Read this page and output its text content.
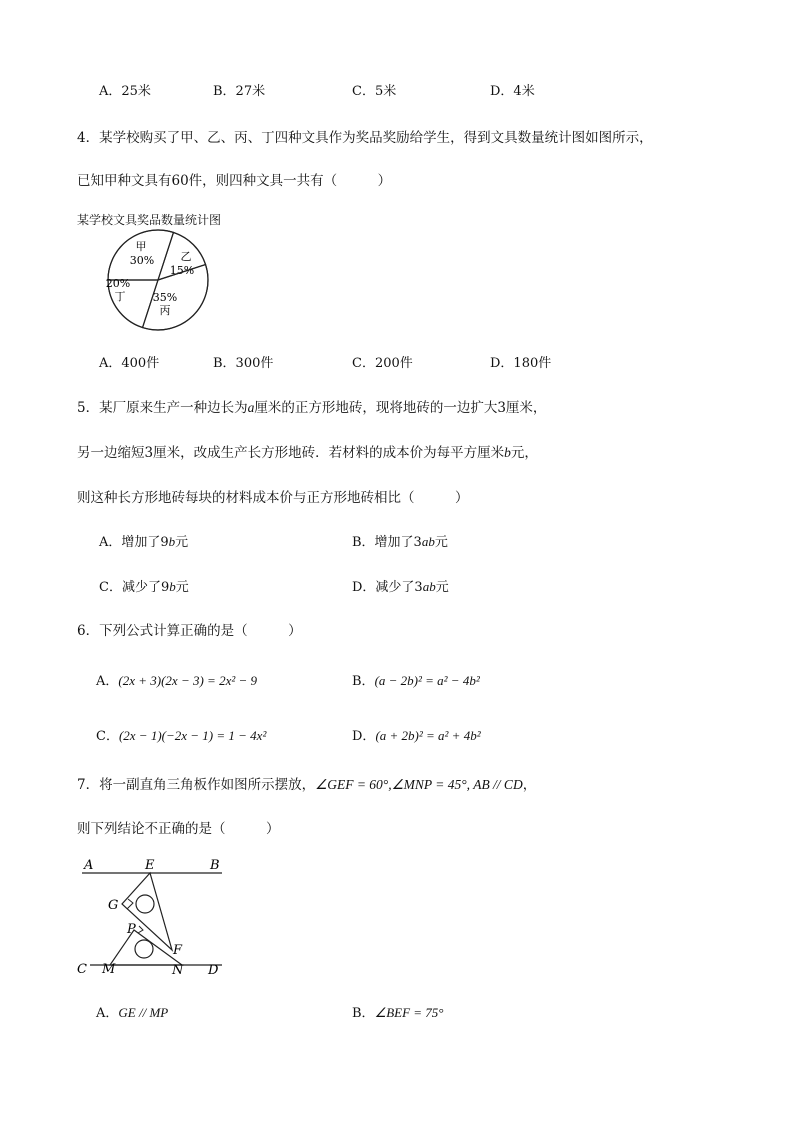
A．25米	B．27米	C．5米	D．4米
4．某学校购买了甲、乙、丙、丁四种文具作为奖品奖励给学生，得到文具数量统计图如图所示，
已知甲种文具有60件，则四种文具一共有（　　　）
某学校文具奖品数量统计图
甲
30% 乙
15%
丙
35%
丁
20%
A．400件	B．300件	C．200件	D．180件
5．某厂原来生产一种边长为a厘米的正方形地砖，现将地砖的一边扩大3厘米，
另一边缩短3厘米，改成生产长方形地砖．若材料的成本价为每平方厘米b元，
则这种长方形地砖每块的材料成本价与正方形地砖相比（　　　）
A．增加了9b元	B．增加了3ab元
C．减少了9b元	D．减少了3ab元
6．下列公式计算正确的是（　　　）
A．(2x + 3)(2x − 3) = 2x² − 9	B．(a − 2b)² = a² − 4b²
C．(2x − 1)(−2x − 1) = 1 − 4x²	D．(a + 2b)² = a² + 4b²
7．将一副直角三角板作如图所示摆放，∠GEF = 60°,∠MNP = 45°, AB // CD，
则下列结论不正确的是（　　　）
A	E	B
G
P
F
C M	N D
A．GE // MP	B．∠BEF = 75°
